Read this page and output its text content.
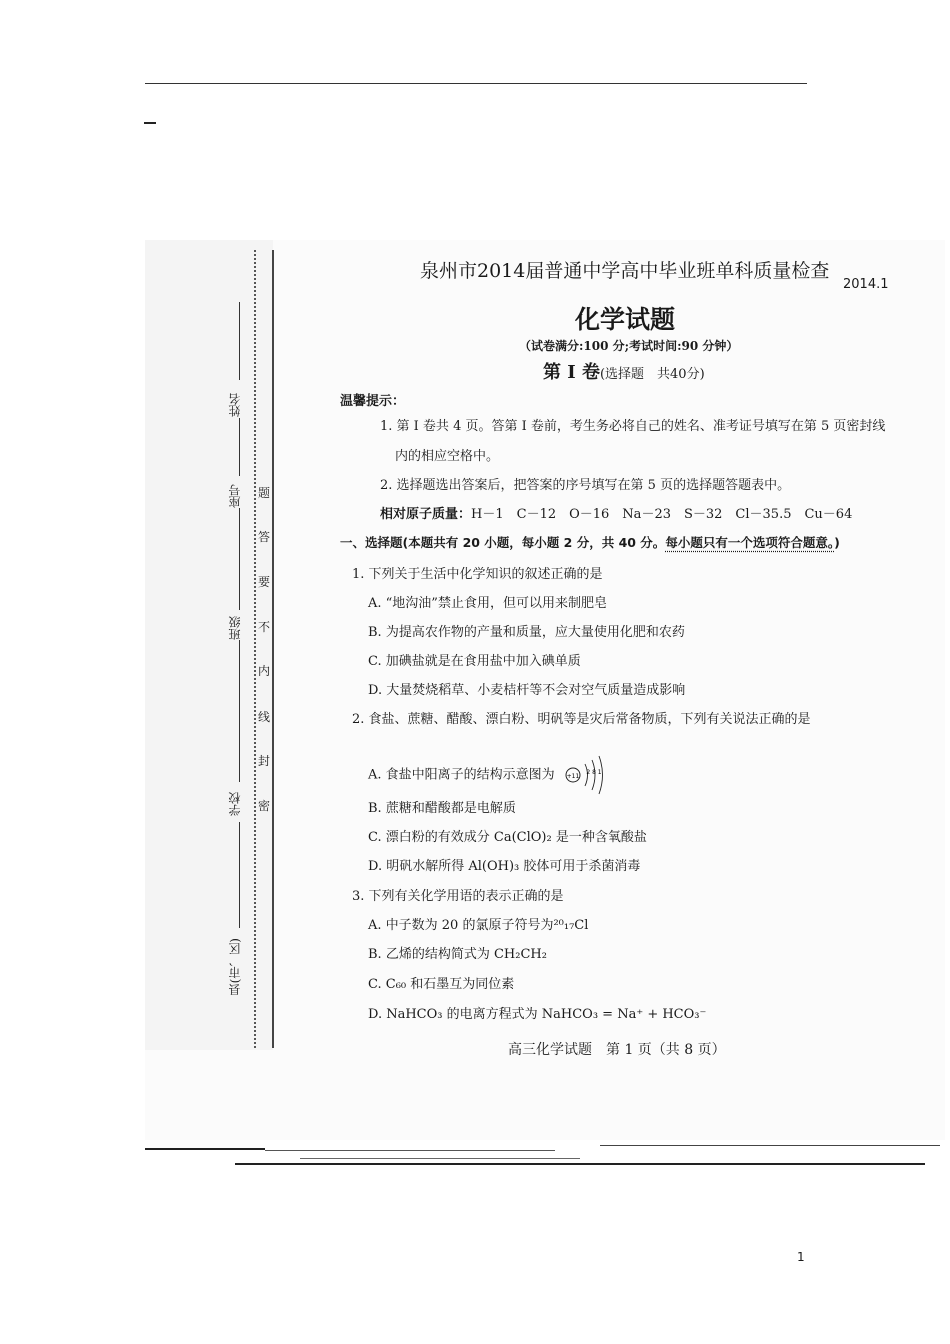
姓名
座号
班级
学校
县(市、区)
题
答
要
不
内
线
封
密
泉州市2014届普通中学高中毕业班单科质量检查
2014.1
化学试题
（试卷满分:100 分;考试时间:90 分钟）
第 I 卷(选择题　共40分)
温馨提示：
1. 第 I 卷共 4 页。答第 I 卷前，考生务必将自己的姓名、准考证号填写在第 5 页密封线
内的相应空格中。
2. 选择题选出答案后，把答案的序号填写在第 5 页的选择题答题表中。
相对原子质量：H－1　C－12　O－16　Na－23　S－32　Cl－35.5　Cu－64
一、选择题(本题共有 20 小题，每小题 2 分，共 40 分。每小题只有一个选项符合题意。)
1. 下列关于生活中化学知识的叙述正确的是
A. “地沟油”禁止食用，但可以用来制肥皂
B. 为提高农作物的产量和质量，应大量使用化肥和农药
C. 加碘盐就是在食用盐中加入碘单质
D. 大量焚烧稻草、小麦桔杆等不会对空气质量造成影响
2. 食盐、蔗糖、醋酸、漂白粉、明矾等是灾后常备物质，下列有关说法正确的是
A. 食盐中阳离子的结构示意图为 +11
2 8 1
B. 蔗糖和醋酸都是电解质
C. 漂白粉的有效成分 Ca(ClO)₂ 是一种含氧酸盐
D. 明矾水解所得 Al(OH)₃ 胶体可用于杀菌消毒
3. 下列有关化学用语的表示正确的是
A. 中子数为 20 的氯原子符号为²⁰₁₇Cl
B. 乙烯的结构简式为 CH₂CH₂
C. C₆₀ 和石墨互为同位素
D. NaHCO₃ 的电离方程式为 NaHCO₃ = Na⁺ + HCO₃⁻
高三化学试题　第 1 页（共 8 页）
1
